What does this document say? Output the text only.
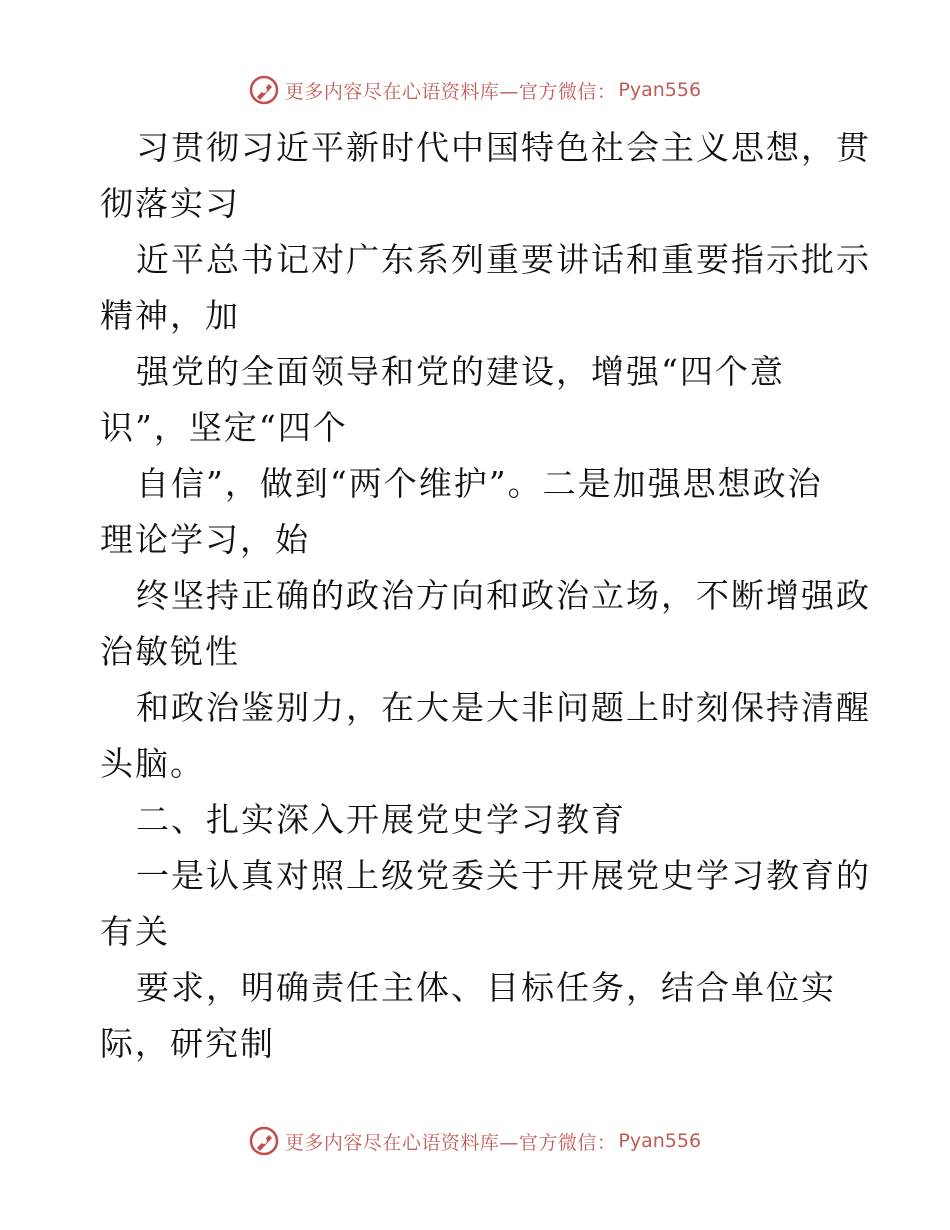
更多内容尽在心语资料库—官方微信： Pyan556
习贯彻习近平新时代中国特色社会主义思想，贯
彻落实习
近平总书记对广东系列重要讲话和重要指示批示
精神，加
强党的全面领导和党的建设，增强“四个意
识”，坚定“四个
自信”，做到“两个维护”。二是加强思想政治
理论学习，始
终坚持正确的政治方向和政治立场，不断增强政
治敏锐性
和政治鉴别力，在大是大非问题上时刻保持清醒
头脑。
二、扎实深入开展党史学习教育
一是认真对照上级党委关于开展党史学习教育的
有关
要求，明确责任主体、目标任务，结合单位实
际，研究制
更多内容尽在心语资料库—官方微信： Pyan556
